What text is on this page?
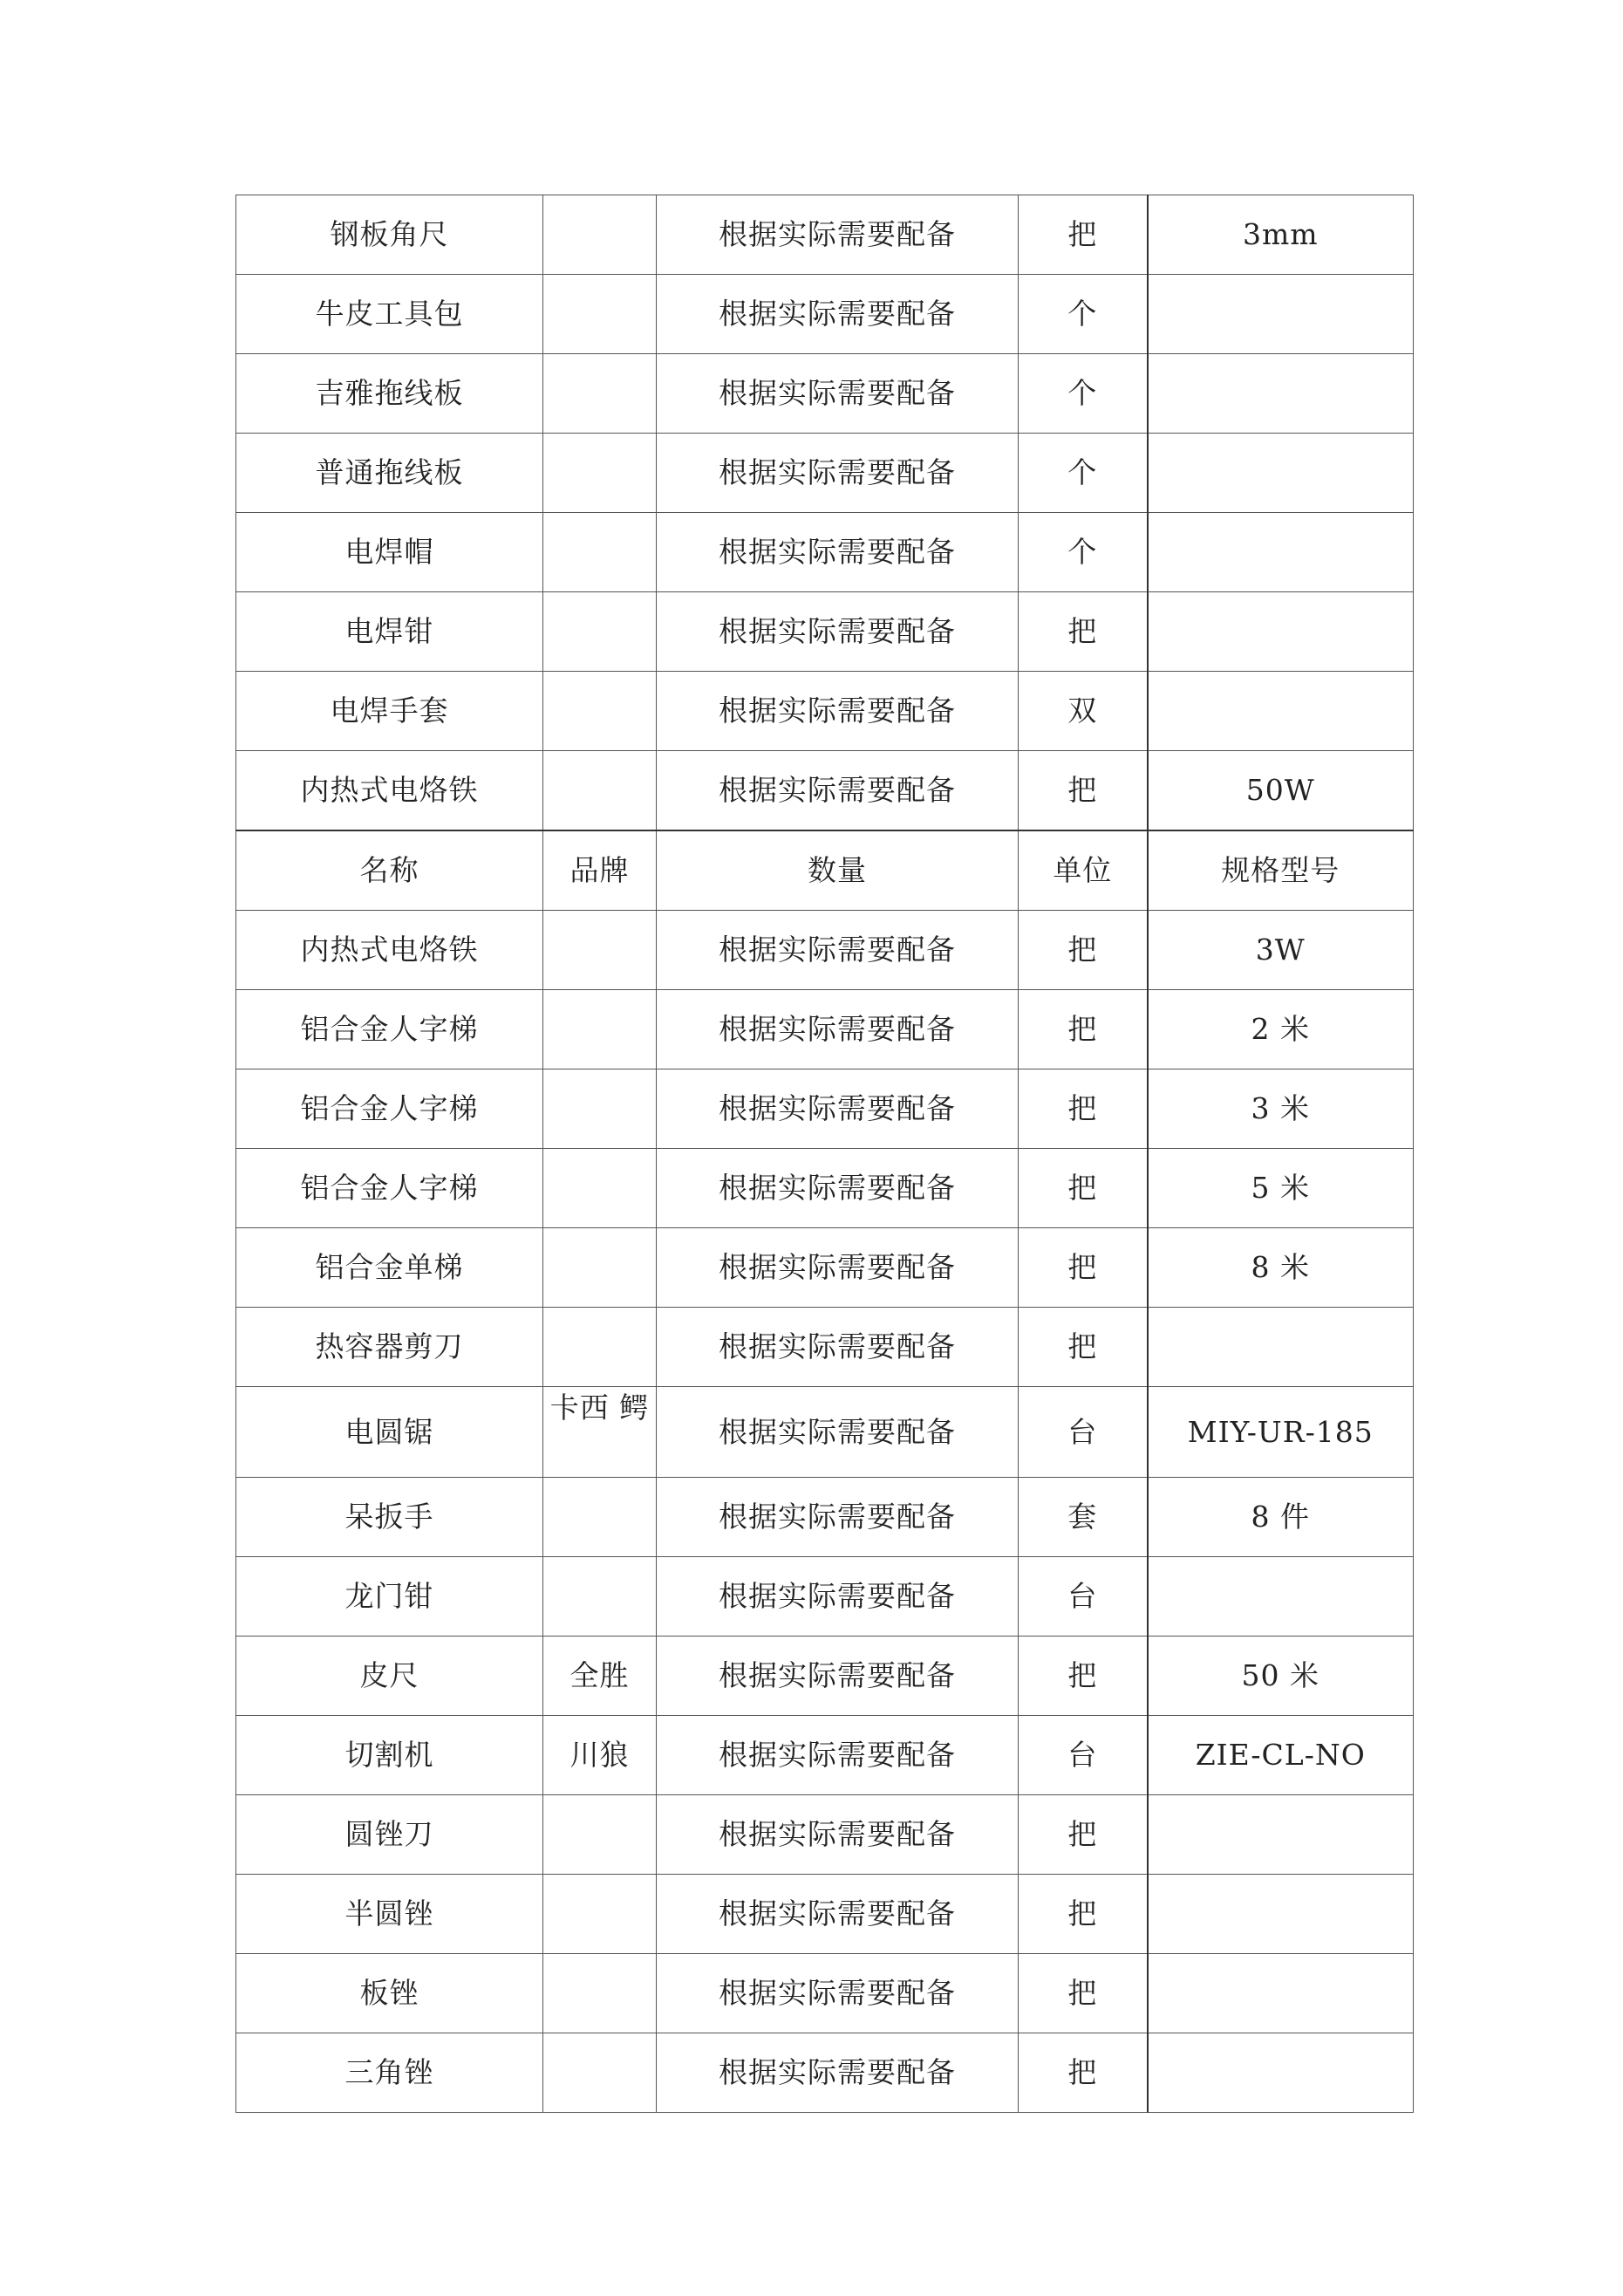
钢板角尺		根据实际需要配备	把	3mm
牛皮工具包		根据实际需要配备	个	
吉雅拖线板		根据实际需要配备	个	
普通拖线板		根据实际需要配备	个	
电焊帽		根据实际需要配备	个	
电焊钳		根据实际需要配备	把	
电焊手套		根据实际需要配备	双	
内热式电烙铁		根据实际需要配备	把	50W
名称	品牌	数量	单位	规格型号
内热式电烙铁		根据实际需要配备	把	3W
铝合金人字梯		根据实际需要配备	把	2 米
铝合金人字梯		根据实际需要配备	把	3 米
铝合金人字梯		根据实际需要配备	把	5 米
铝合金单梯		根据实际需要配备	把	8 米
热容器剪刀		根据实际需要配备	把	
电圆锯	卡西 鳄	根据实际需要配备	台	MIY-UR-185
呆扳手		根据实际需要配备	套	8 件
龙门钳		根据实际需要配备	台	
皮尺	全胜	根据实际需要配备	把	50 米
切割机	川狼	根据实际需要配备	台	ZIE-CL-NO
圆锉刀		根据实际需要配备	把	
半圆锉		根据实际需要配备	把	
板锉		根据实际需要配备	把	
三角锉		根据实际需要配备	把	
